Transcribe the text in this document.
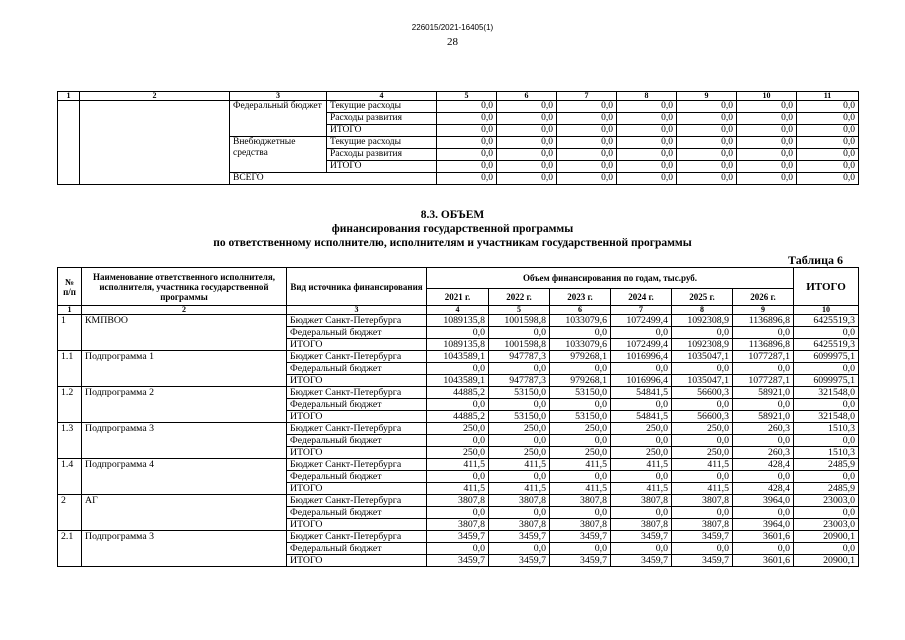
226015/2021-16405(1)
28
1	2	3	4	5	6	7	8	9	10	11
		Федеральный бюджет	Текущие расходы	0,0	0,0	0,0	0,0	0,0	0,0	0,0
			Расходы развития	0,0	0,0	0,0	0,0	0,0	0,0	0,0
			ИТОГО	0,0	0,0	0,0	0,0	0,0	0,0	0,0
		Внебюджетные средства	Текущие расходы	0,0	0,0	0,0	0,0	0,0	0,0	0,0
			Расходы развития	0,0	0,0	0,0	0,0	0,0	0,0	0,0
			ИТОГО	0,0	0,0	0,0	0,0	0,0	0,0	0,0
		ВСЕГО		0,0	0,0	0,0	0,0	0,0	0,0	0,0
8.3. ОБЪЕМ
финансирования государственной программы
по ответственному исполнителю, исполнителям и участникам государственной программы
Таблица 6
№ п/п	Наименование ответственного исполнителя, исполнителя, участника государственной программы	Вид источника финансирования	Объем финансирования по годам, тыс.руб.						ИТОГО
			2021 г.	2022 г.	2023 г.	2024 г.	2025 г.	2026 г.	
1	2	3	4	5	6	7	8	9	10
1	КМПВОО	Бюджет Санкт-Петербурга	1089135,8	1001598,8	1033079,6	1072499,4	1092308,9	1136896,8	6425519,3
		Федеральный бюджет	0,0	0,0	0,0	0,0	0,0	0,0	0,0
		ИТОГО	1089135,8	1001598,8	1033079,6	1072499,4	1092308,9	1136896,8	6425519,3
1.1	Подпрограмма 1	Бюджет Санкт-Петербурга	1043589,1	947787,3	979268,1	1016996,4	1035047,1	1077287,1	6099975,1
		Федеральный бюджет	0,0	0,0	0,0	0,0	0,0	0,0	0,0
		ИТОГО	1043589,1	947787,3	979268,1	1016996,4	1035047,1	1077287,1	6099975,1
1.2	Подпрограмма 2	Бюджет Санкт-Петербурга	44885,2	53150,0	53150,0	54841,5	56600,3	58921,0	321548,0
		Федеральный бюджет	0,0	0,0	0,0	0,0	0,0	0,0	0,0
		ИТОГО	44885,2	53150,0	53150,0	54841,5	56600,3	58921,0	321548,0
1.3	Подпрограмма 3	Бюджет Санкт-Петербурга	250,0	250,0	250,0	250,0	250,0	260,3	1510,3
		Федеральный бюджет	0,0	0,0	0,0	0,0	0,0	0,0	0,0
		ИТОГО	250,0	250,0	250,0	250,0	250,0	260,3	1510,3
1.4	Подпрограмма 4	Бюджет Санкт-Петербурга	411,5	411,5	411,5	411,5	411,5	428,4	2485,9
		Федеральный бюджет	0,0	0,0	0,0	0,0	0,0	0,0	0,0
		ИТОГО	411,5	411,5	411,5	411,5	411,5	428,4	2485,9
2	АГ	Бюджет Санкт-Петербурга	3807,8	3807,8	3807,8	3807,8	3807,8	3964,0	23003,0
		Федеральный бюджет	0,0	0,0	0,0	0,0	0,0	0,0	0,0
		ИТОГО	3807,8	3807,8	3807,8	3807,8	3807,8	3964,0	23003,0
2.1	Подпрограмма 3	Бюджет Санкт-Петербурга	3459,7	3459,7	3459,7	3459,7	3459,7	3601,6	20900,1
		Федеральный бюджет	0,0	0,0	0,0	0,0	0,0	0,0	0,0
		ИТОГО	3459,7	3459,7	3459,7	3459,7	3459,7	3601,6	20900,1
